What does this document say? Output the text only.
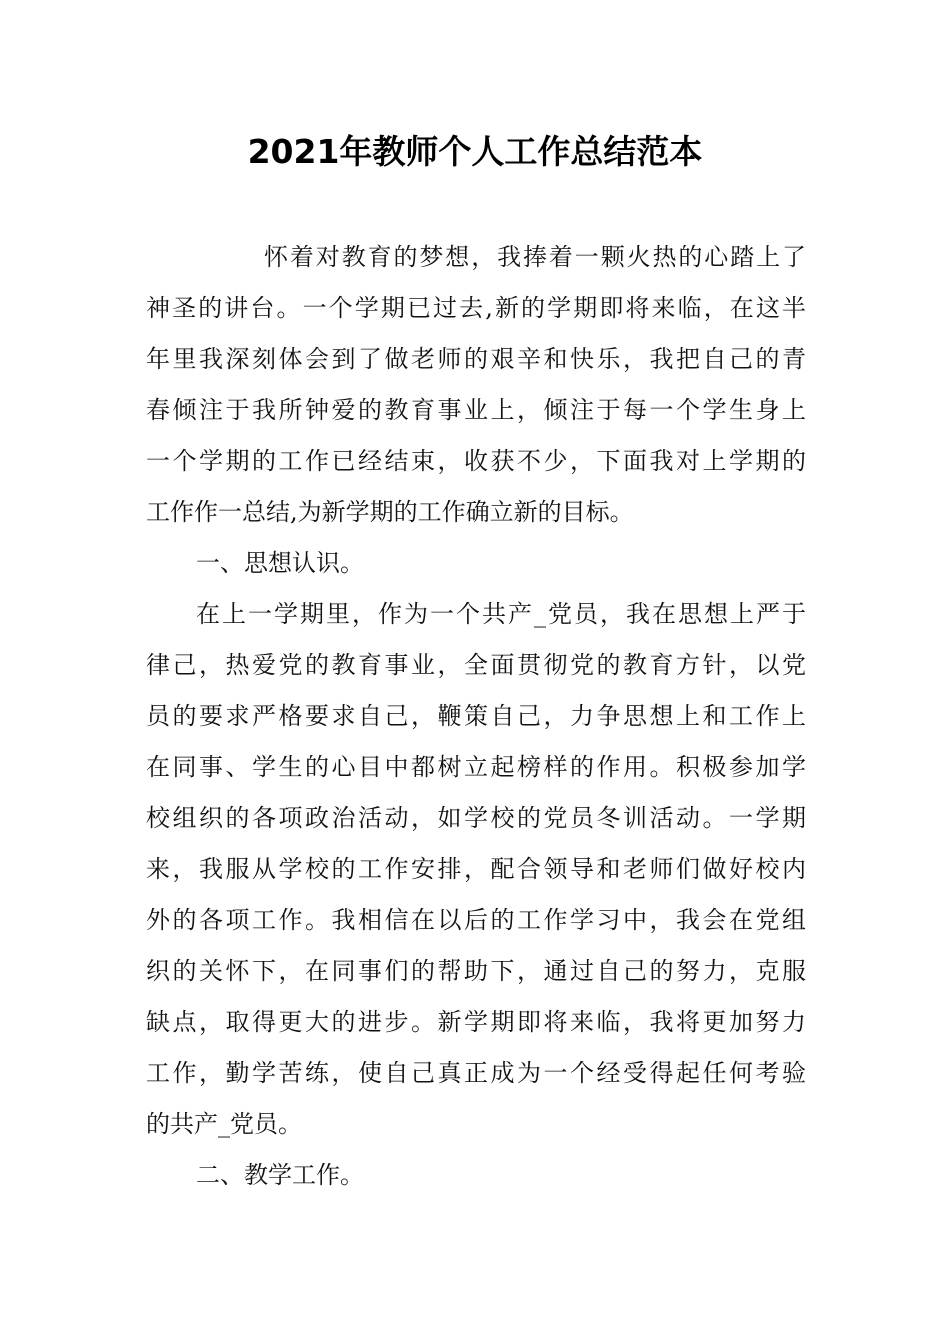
2021年教师个人工作总结范本
怀着对教育的梦想，我捧着一颗火热的心踏上了
神圣的讲台。一个学期已过去,新的学期即将来临，在这半
年里我深刻体会到了做老师的艰辛和快乐，我把自己的青
春倾注于我所钟爱的教育事业上，倾注于每一个学生身上
一个学期的工作已经结束，收获不少，下面我对上学期的
工作作一总结,为新学期的工作确立新的目标。
一、思想认识。
在上一学期里，作为一个共产_党员，我在思想上严于
律己，热爱党的教育事业，全面贯彻党的教育方针，以党
员的要求严格要求自己，鞭策自己，力争思想上和工作上
在同事、学生的心目中都树立起榜样的作用。积极参加学
校组织的各项政治活动，如学校的党员冬训活动。一学期
来，我服从学校的工作安排，配合领导和老师们做好校内
外的各项工作。我相信在以后的工作学习中，我会在党组
织的关怀下，在同事们的帮助下，通过自己的努力，克服
缺点，取得更大的进步。新学期即将来临，我将更加努力
工作，勤学苦练，使自己真正成为一个经受得起任何考验
的共产_党员。
二、教学工作。
